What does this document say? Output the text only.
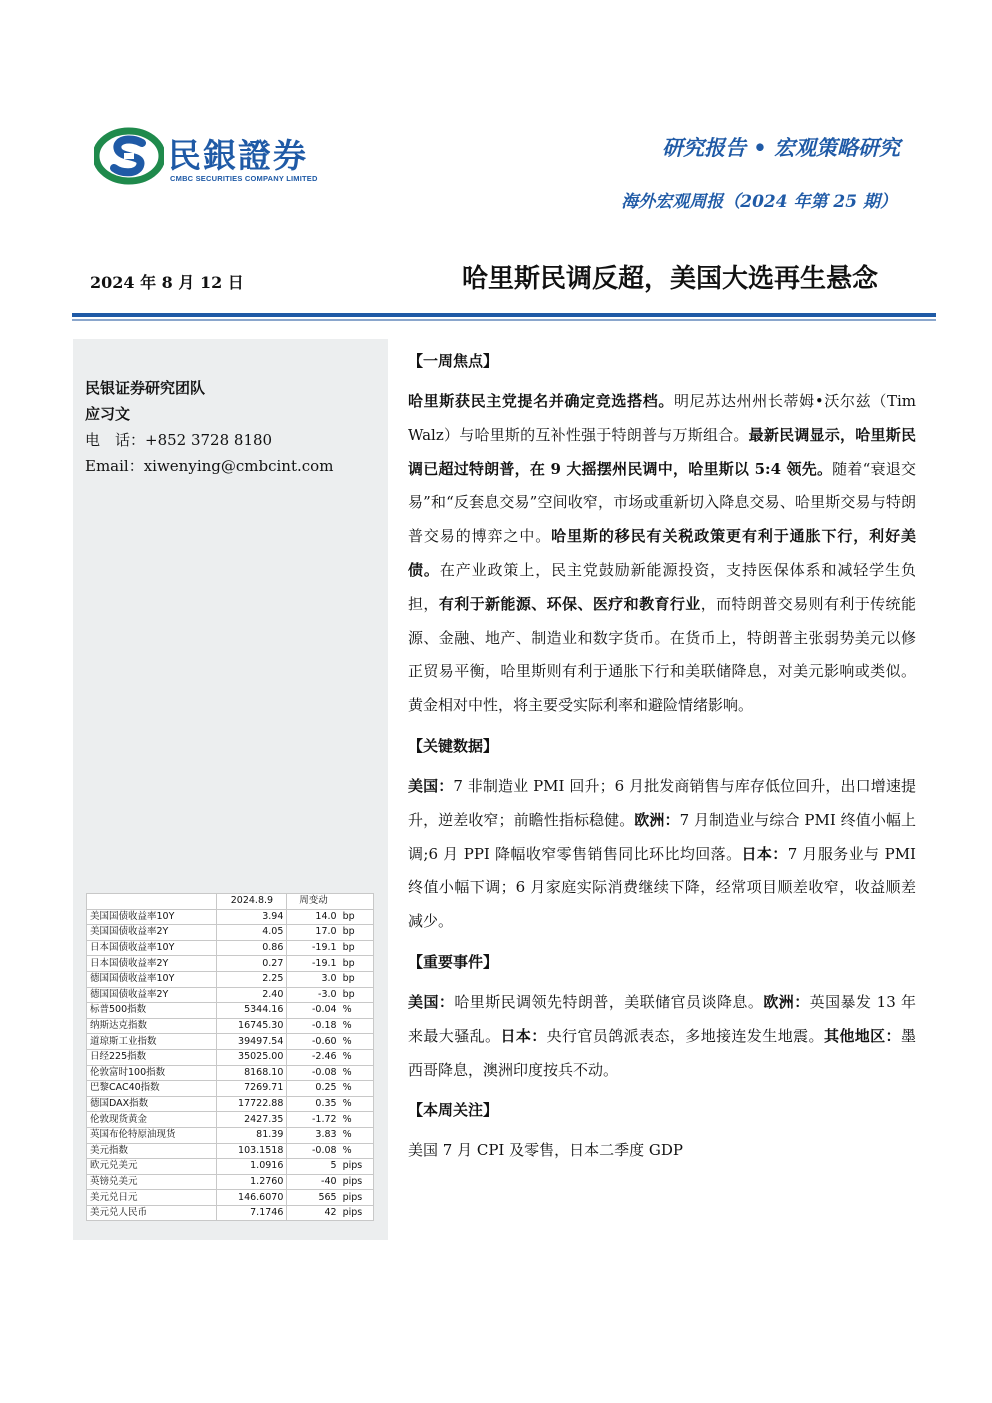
民銀證券
CMBC SECURITIES COMPANY LIMITED
研究报告 • 宏观策略研究
海外宏观周报（2024 年第 25 期）
2024 年 8 月 12 日	哈里斯民调反超，美国大选再生悬念
民银证券研究团队
应习文
电　话：+852 3728 8180
Email：xiwenying@cmbcint.com
	2024.8.9	周变动	
美国国债收益率10Y	3.94	14.0	bp
美国国债收益率2Y	4.05	17.0	bp
日本国债收益率10Y	0.86	-19.1	bp
日本国债收益率2Y	0.27	-19.1	bp
德国国债收益率10Y	2.25	3.0	bp
德国国债收益率2Y	2.40	-3.0	bp
标普500指数	5344.16	-0.04	%
纳斯达克指数	16745.30	-0.18	%
道琼斯工业指数	39497.54	-0.60	%
日经225指数	35025.00	-2.46	%
伦敦富时100指数	8168.10	-0.08	%
巴黎CAC40指数	7269.71	0.25	%
德国DAX指数	17722.88	0.35	%
伦敦现货黄金	2427.35	-1.72	%
英国布伦特原油现货	81.39	3.83	%
美元指数	103.1518	-0.08	%
欧元兑美元	1.0916	5	pips
英镑兑美元	1.2760	-40	pips
美元兑日元	146.6070	565	pips
美元兑人民币	7.1746	42	pips
【一周焦点】

哈里斯获民主党提名并确定竞选搭档。明尼苏达州州长蒂姆•沃尔兹（Tim Walz）与哈里斯的互补性强于特朗普与万斯组合。最新民调显示，哈里斯民调已超过特朗普，在 9 大摇摆州民调中，哈里斯以 5:4 领先。随着“衰退交易”和“反套息交易”空间收窄，市场或重新切入降息交易、哈里斯交易与特朗普交易的博弈之中。哈里斯的移民有关税政策更有利于通胀下行，利好美债。在产业政策上，民主党鼓励新能源投资，支持医保体系和减轻学生负担，有利于新能源、环保、医疗和教育行业，而特朗普交易则有利于传统能源、金融、地产、制造业和数字货币。在货币上，特朗普主张弱势美元以修正贸易平衡，哈里斯则有利于通胀下行和美联储降息，对美元影响或类似。黄金相对中性，将主要受实际利率和避险情绪影响。

【关键数据】

美国：7 非制造业 PMI 回升；6 月批发商销售与库存低位回升，出口增速提升，逆差收窄；前瞻性指标稳健。欧洲：7 月制造业与综合 PMI 终值小幅上调;6 月 PPI 降幅收窄零售销售同比环比均回落。日本：7 月服务业与 PMI 终值小幅下调；6 月家庭实际消费继续下降，经常项目顺差收窄，收益顺差减少。

【重要事件】

美国：哈里斯民调领先特朗普，美联储官员谈降息。欧洲：英国暴发 13 年来最大骚乱。日本：央行官员鸽派表态，多地接连发生地震。其他地区：墨西哥降息，澳洲印度按兵不动。

【本周关注】

美国 7 月 CPI 及零售，日本二季度 GDP
